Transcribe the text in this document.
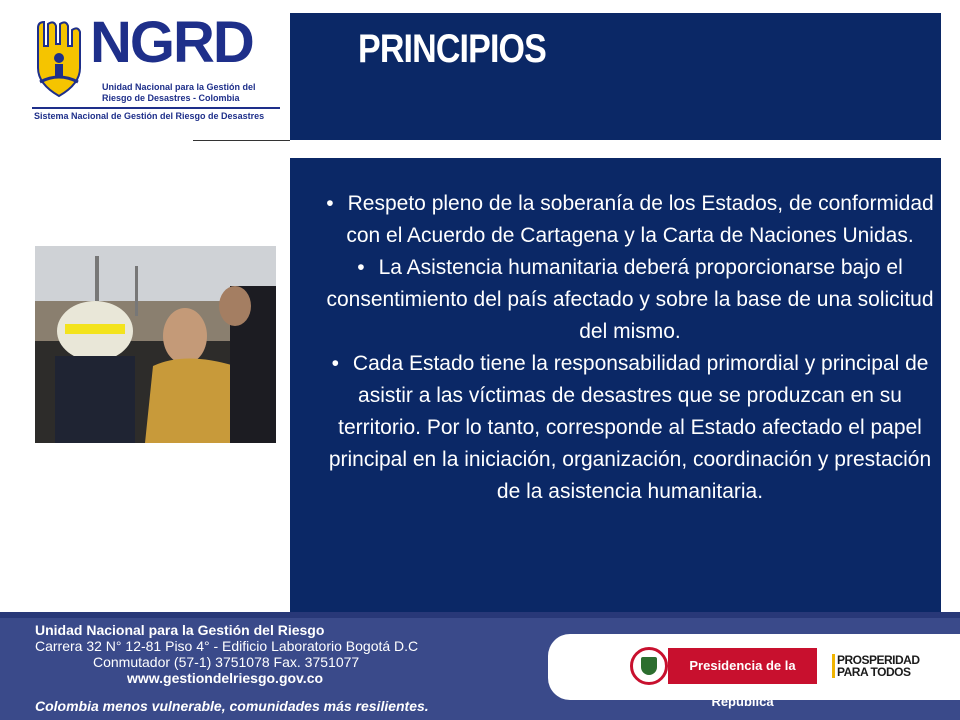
NGRD
Unidad Nacional para la Gestión del Riesgo de Desastres - Colombia
Sistema Nacional de Gestión del Riesgo de Desastres
PRINCIPIOS
• Respeto pleno de la soberanía de los Estados, de conformidad con el Acuerdo de Cartagena y la Carta de Naciones Unidas.
• La Asistencia humanitaria deberá proporcionarse bajo el consentimiento del país afectado y sobre la base de una solicitud del mismo.
• Cada Estado tiene la responsabilidad primordial y principal de asistir a las víctimas de desastres que se produzcan en su territorio. Por lo tanto, corresponde al Estado afectado el papel principal en la iniciación, organización, coordinación y prestación de la asistencia humanitaria.
Unidad Nacional para la Gestión del Riesgo
Carrera 32 N° 12-81 Piso 4° - Edificio Laboratorio Bogotá D.C
Conmutador (57-1) 3751078 Fax. 3751077
www.gestiondelriesgo.gov.co
Colombia menos vulnerable, comunidades más resilientes.
Presidencia de la República
PROSPERIDAD
PARA TODOS
